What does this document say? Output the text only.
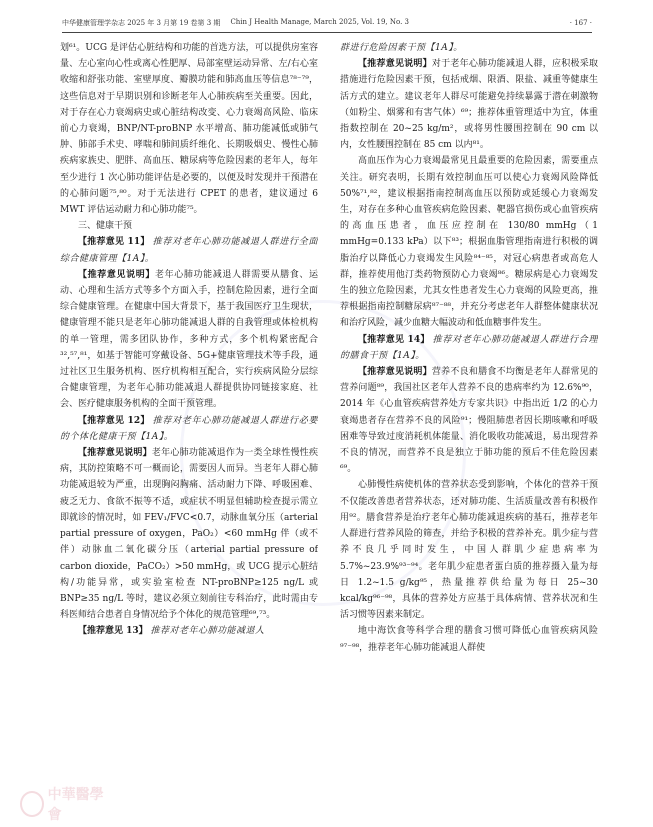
中华健康管理学杂志 2025 年 3 月第 19 卷第 3 期 Chin J Health Manage, March 2025, Vol. 19, No. 3	· 167 ·

划⁶¹。UCG 是评估心脏结构和功能的首选方法，可以提供房室容量、左心室向心性或离心性肥厚、局部室壁运动异常、左/右心室收缩和舒张功能、室壁厚度、瓣膜功能和肺高血压等信息⁷⁸⁻⁷⁹，这些信息对于早期识别和诊断老年人心肺疾病至关重要。因此，对于存在心力衰竭病史或心脏结构改变、心力衰竭高风险、临床前心力衰竭，BNP/NT-proBNP 水平增高、肺功能减低或肺气肿、肺部手术史、哮喘和肺间质纤维化、长期吸烟史、慢性心肺疾病家族史、肥胖、高血压、糖尿病等危险因素的老年人，每年至少进行 1 次心肺功能评估是必要的，以便及时发现并干预潜在的心肺问题⁷⁵,⁸⁰。对于无法进行 CPET 的患者，建议通过 6 MWT 评估运动耐力和心肺功能⁷⁵。

三、健康干预

【推荐意见 11】 推荐对老年心肺功能减退人群进行全面综合健康管理【1A】。

【推荐意见说明】老年心肺功能减退人群需要从膳食、运动、心理和生活方式等多个方面入手，控制危险因素，进行全面综合健康管理。在健康中国大背景下，基于我国医疗卫生现状，健康管理不能只是老年心肺功能减退人群的自我管理或体检机构的单一管理，需多团队协作，多种方式，多个机构紧密配合³²,⁵⁷,⁸¹，如基于智能可穿戴设备、5G+健康管理技术等手段，通过社区卫生服务机构、医疗机构相互配合，实行疾病风险分层综合健康管理，为老年心肺功能减退人群提供协同链接家庭、社会、医疗健康服务机构的全面干预管理。

【推荐意见 12】 推荐对老年心肺功能减退人群进行必要的个体化健康干预【1A】。

【推荐意见说明】老年心肺功能减退作为一类全球性慢性疾病，其防控策略不可一概而论，需要因人而异。当老年人群心肺功能减退较为严重，出现胸闷胸痛、活动耐力下降、呼吸困难、疲乏无力、食欲不振等不适，或症状不明显但辅助检查提示需立即就诊的情况时，如 FEV₁/FVC<0.7，动脉血氧分压（arterial partial pressure of oxygen，PaO₂）<60 mmHg 伴（或不伴）动脉血二氧化碳分压（arterial partial pressure of carbon dioxide，PaCO₂）>50 mmHg，或 UCG 提示心脏结构/功能异常，或实验室检查 NT-proBNP≥125 ng/L 或 BNP≥35 ng/L 等时，建议必须立刻前往专科治疗，此时需由专科医师结合患者自身情况给予个体化的规范管理⁶⁹,⁷³。

【推荐意见 13】 推荐对老年心肺功能减退人

群进行危险因素干预【1A】。

【推荐意见说明】对于老年心肺功能减退人群，应积极采取措施进行危险因素干预，包括戒烟、限酒、限盐、减重等健康生活方式的建立。建议老年人群尽可能避免持续暴露于潜在刺激物（如粉尘、烟雾和有害气体）⁶⁹；推荐体重管理适中为宜，体重指数控制在 20~25 kg/m²，或将男性腰围控制在 90 cm 以内，女性腰围控制在 85 cm 以内⁸¹。

高血压作为心力衰竭最常见且最重要的危险因素，需要重点关注。研究表明，长期有效控制血压可以使心力衰竭风险降低 50%⁷¹,⁸²，建议根据指南控制高血压以预防或延缓心力衰竭发生，对存在多种心血管疾病危险因素、靶器官损伤或心血管疾病的高血压患者，血压应控制在 130/80 mmHg（1 mmHg=0.133 kPa）以下⁸³；根据血脂管理指南进行积极的调脂治疗以降低心力衰竭发生风险⁸⁴⁻⁸⁵，对冠心病患者或高危人群，推荐使用他汀类药物预防心力衰竭⁸⁶。糖尿病是心力衰竭发生的独立危险因素，尤其女性患者发生心力衰竭的风险更高，推荐根据指南控制糖尿病⁸⁷⁻⁸⁸，并充分考虑老年人群整体健康状况和治疗风险，减少血糖大幅波动和低血糖事件发生。

【推荐意见 14】 推荐对老年心肺功能减退人群进行合理的膳食干预【1A】。

【推荐意见说明】营养不良和膳食不均衡是老年人群常见的营养问题⁸⁹，我国社区老年人营养不良的患病率约为 12.6%⁹⁰，2014 年《心血管疾病营养处方专家共识》中指出近 1/2 的心力衰竭患者存在营养不良的风险⁹¹；慢阻肺患者因长期咳嗽和呼吸困难等导致过度消耗机体能量、消化吸收功能减退，易出现营养不良的情况，而营养不良是独立于肺功能的预后不佳危险因素⁶⁹。

心肺慢性病使机体的营养状态受到影响，个体化的营养干预不仅能改善患者营养状态，还对肺功能、生活质量改善有积极作用⁹²。膳食营养是治疗老年心肺功能减退疾病的基石，推荐老年人群进行营养风险的筛查，并给予积极的营养补充。肌少症与营养不良几乎同时发生，中国人群肌少症患病率为 5.7%~23.9%⁹³⁻⁹⁴。老年肌少症患者蛋白质的推荐摄入量为每日 1.2~1.5 g/kg⁹⁵，热量推荐供给量为每日 25~30 kcal/kg⁹⁶⁻⁹⁸，具体的营养处方应基于具体病情、营养状况和生活习惯等因素来制定。

地中海饮食等科学合理的膳食习惯可降低心血管疾病风险⁹⁷⁻⁹⁸，推荐老年心肺功能减退人群使

中華醫學會
